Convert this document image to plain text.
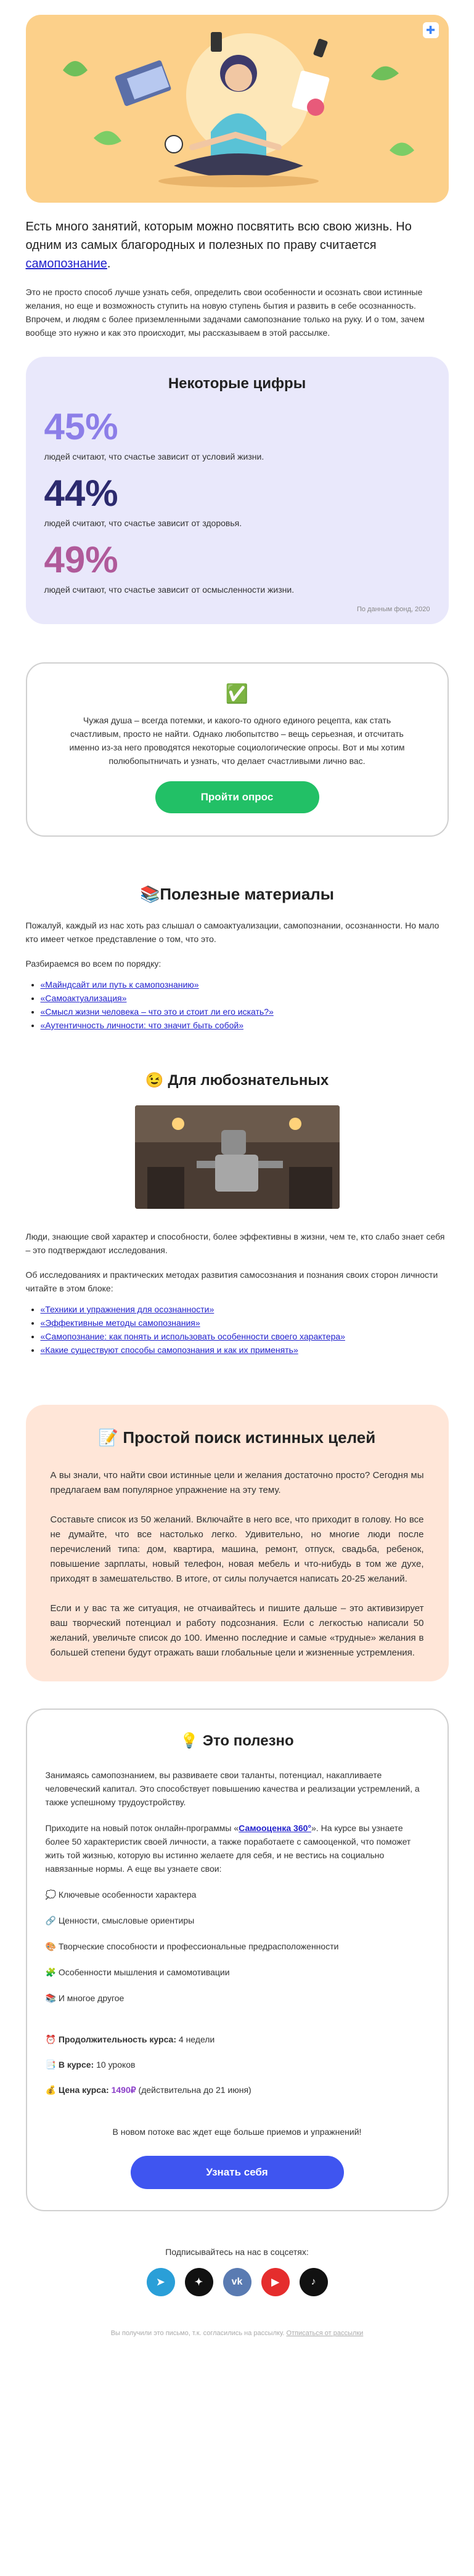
✚

Есть много занятий, которым можно посвятить всю свою жизнь. Но одним из самых благородных и полезных по праву считается самопознание.

Это не просто способ лучше узнать себя, определить свои особенности и осознать свои истинные желания, но еще и возможность ступить на новую ступень бытия и развить в себе осознанность. Впрочем, и людям с более приземленными задачами самопознание только на руку. И о том, зачем вообще это нужно и как это происходит, мы рассказываем в этой рассылке.

Некоторые цифры
45%
людей считают, что счастье зависит от условий жизни.
44%
людей считают, что счастье зависит от здоровья.
49%
людей считают, что счастье зависит от осмысленности жизни.
По данным фонд, 2020
✅

Чужая душа – всегда потемки, и какого-то одного единого рецепта, как стать счастливым, просто не найти. Однако любопытство – вещь серьезная, и отсчитать именно из-за него проводятся некоторые социологические опросы. Вот и мы хотим полюбопытничать и узнать, что делает счастливыми лично вас.

Пройти опрос
📚Полезные материалы

Пожалуй, каждый из нас хоть раз слышал о самоактуализации, самопознании, осознанности. Но мало кто имеет четкое представление о том, что это.

Разбираемся во всем по порядку:

• «Майндсайт или путь к самопознанию»
• «Самоактуализация»
• «Смысл жизни человека – что это и стоит ли его искать?»
• «Аутентичность личности: что значит быть собой»
😉 Для любознательных

Люди, знающие свой характер и способности, более эффективны в жизни, чем те, кто слабо знает себя – это подтверждают исследования.

Об исследованиях и практических методах развития самосознания и познания своих сторон личности читайте в этом блоке:

• «Техники и упражнения для осознанности»
• «Эффективные методы самопознания»
• «Самопознание: как понять и использовать особенности своего характера»
• «Какие существуют способы самопознания и как их применять»
📝 Простой поиск истинных целей

А вы знали, что найти свои истинные цели и желания достаточно просто? Сегодня мы предлагаем вам популярное упражнение на эту тему.

Составьте список из 50 желаний. Включайте в него все, что приходит в голову. Но все не думайте, что все настолько легко. Удивительно, но многие люди после перечислений типа: дом, квартира, машина, ремонт, отпуск, свадьба, ребенок, повышение зарплаты, новый телефон, новая мебель и что-нибудь в том же духе, приходят в замешательство. В итоге, от силы получается написать 20-25 желаний.

Если и у вас та же ситуация, не отчаивайтесь и пишите дальше – это активизирует ваш творческий потенциал и работу подсознания. Если с легкостью написали 50 желаний, увеличьте список до 100. Именно последние и самые «трудные» желания в большей степени будут отражать ваши глобальные цели и жизненные устремления.

💡 Это полезно

Занимаясь самопознанием, вы развиваете свои таланты, потенциал, накапливаете человеческий капитал. Это способствует повышению качества и реализации устремлений, а также успешному трудоустройству.

Приходите на новый поток онлайн-программы «Самооценка 360°». На курсе вы узнаете более 50 характеристик своей личности, а также поработаете с самооценкой, что поможет жить той жизнью, которую вы истинно желаете для себя, и не вестись на социально навязанные нормы. А еще вы узнаете свои:

💭 Ключевые особенности характера
🔗 Ценности, смысловые ориентиры
🎨 Творческие способности и профессиональные предрасположенности
🧩 Особенности мышления и самомотивации
📚 И многое другое
⏰ Продолжительность курса: 4 недели
📑 В курсе: 10 уроков
💰 Цена курса: 1490₽ (действительна до 21 июня)

В новом потоке вас ждет еще больше приемов и упражнений!

Узнать себя
Подписывайтесь на нас в соцсетях:
➤	✦	vk	▶	♪
Вы получили это письмо, т.к. согласились на рассылку. Отписаться от рассылки
